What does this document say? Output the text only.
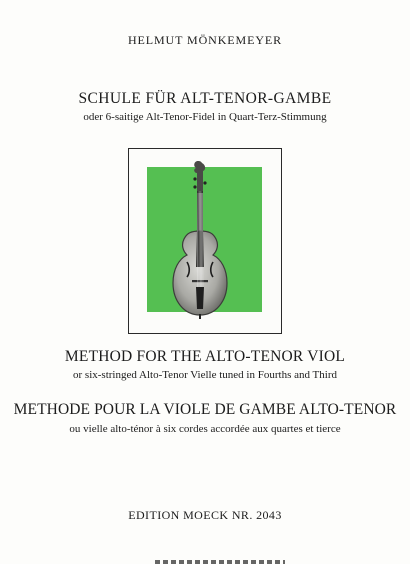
HELMUT MÖNKEMEYER
SCHULE FÜR ALT-TENOR-GAMBE
oder 6-saitige Alt-Tenor-Fidel in Quart-Terz-Stimmung
METHOD FOR THE ALTO-TENOR VIOL
or six-stringed Alto-Tenor Vielle tuned in Fourths and Third
METHODE POUR LA VIOLE DE GAMBE ALTO-TENOR
ou vielle alto-ténor à six cordes accordée aux quartes et tierce
EDITION MOECK NR. 2043
